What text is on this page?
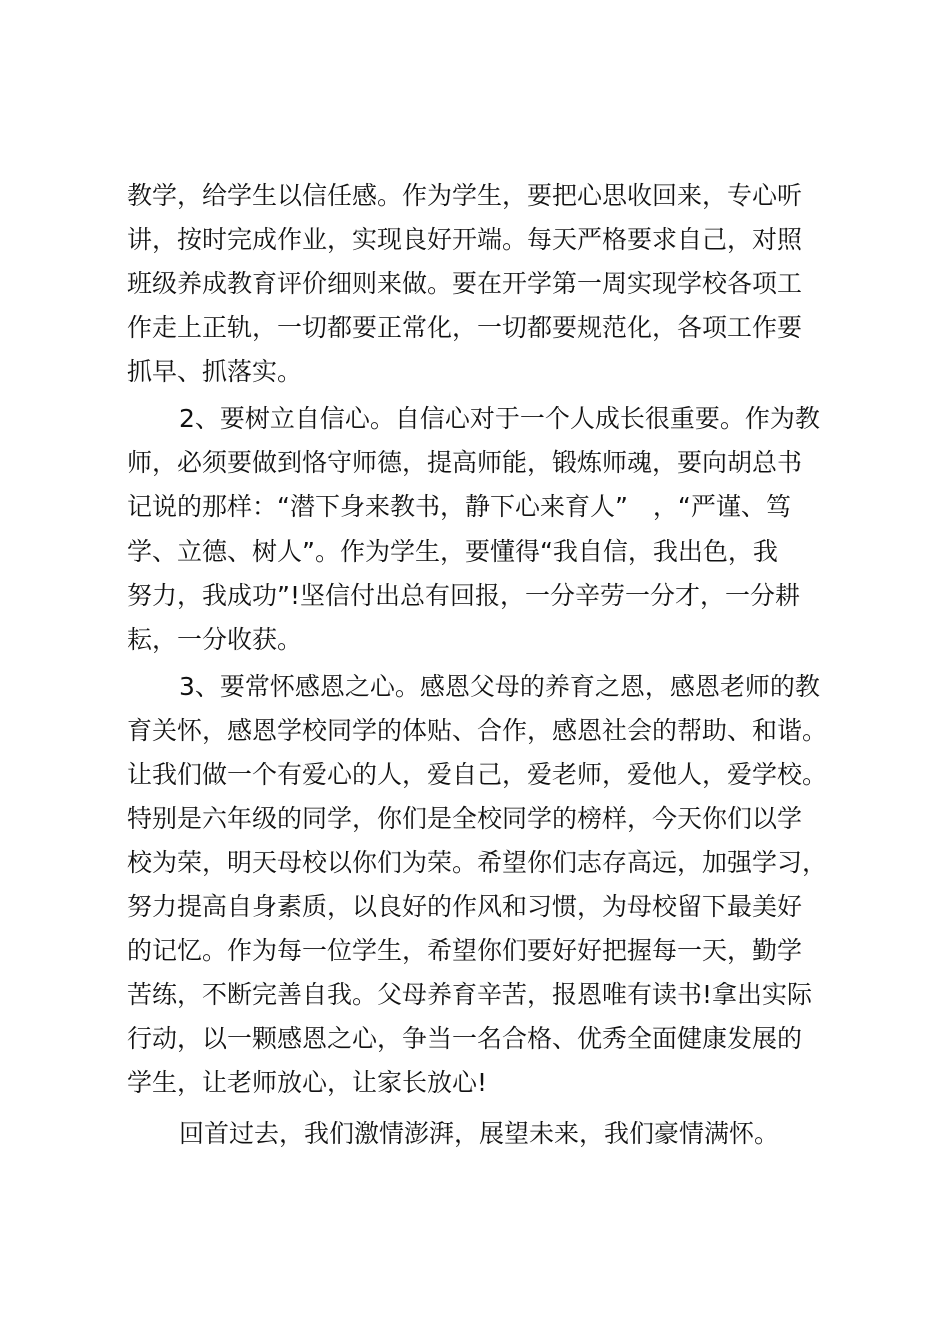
教学，给学生以信任感。作为学生，要把心思收回来，专心听
讲，按时完成作业，实现良好开端。每天严格要求自己，对照
班级养成教育评价细则来做。要在开学第一周实现学校各项工
作走上正轨，一切都要正常化，一切都要规范化，各项工作要
抓早、抓落实。
2、要树立自信心。自信心对于一个人成长很重要。作为教
师，必须要做到恪守师德，提高师能，锻炼师魂，要向胡总书
记说的那样：“潜下身来教书，静下心来育人”　，“严谨、笃
学、立德、树人”。作为学生，要懂得“我自信，我出色，我
努力，我成功”!坚信付出总有回报，一分辛劳一分才，一分耕
耘，一分收获。
3、要常怀感恩之心。感恩父母的养育之恩，感恩老师的教
育关怀，感恩学校同学的体贴、合作，感恩社会的帮助、和谐。
让我们做一个有爱心的人，爱自己，爱老师，爱他人，爱学校。
特别是六年级的同学，你们是全校同学的榜样，今天你们以学
校为荣，明天母校以你们为荣。希望你们志存高远，加强学习，
努力提高自身素质，以良好的作风和习惯，为母校留下最美好
的记忆。作为每一位学生，希望你们要好好把握每一天，勤学
苦练，不断完善自我。父母养育辛苦，报恩唯有读书!拿出实际
行动，以一颗感恩之心，争当一名合格、优秀全面健康发展的
学生，让老师放心，让家长放心!
回首过去，我们激情澎湃，展望未来，我们豪情满怀。
